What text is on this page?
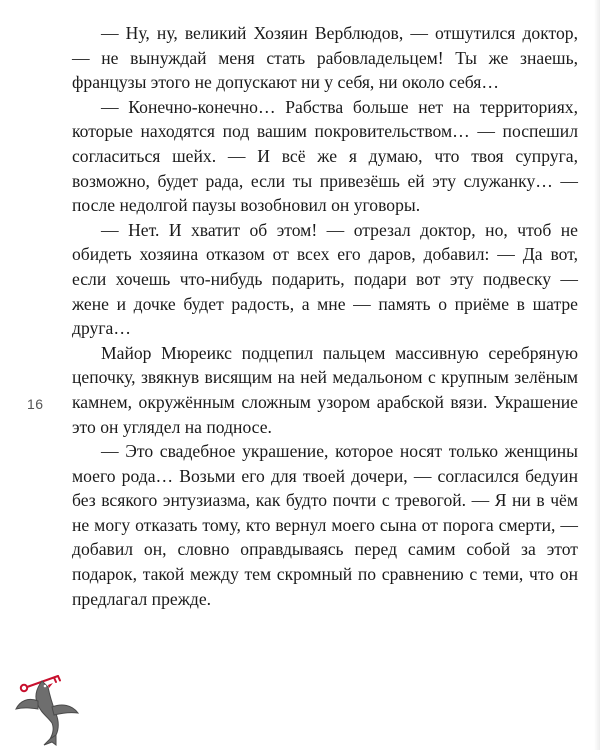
— Ну, ну, великий Хозяин Верблюдов, — отшутился доктор, — не вынуждай меня стать рабовладельцем! Ты же знаешь, французы этого не допускают ни у себя, ни около себя…

— Конечно-конечно… Рабства больше нет на территориях, которые находятся под вашим покровительством… — поспешил согласиться шейх. — И всё же я думаю, что твоя супруга, возможно, будет рада, если ты привезёшь ей эту служанку… — после недолгой паузы возобновил он уговоры.

— Нет. И хватит об этом! — отрезал доктор, но, чтоб не обидеть хозяина отказом от всех его даров, добавил: — Да вот, если хочешь что-нибудь подарить, подари вот эту подвеску — жене и дочке будет радость, а мне — память о приёме в шатре друга…

Майор Мюреикс подцепил пальцем массивную серебряную цепочку, звякнув висящим на ней медальоном с крупным зелёным камнем, окружённым сложным узором арабской вязи. Украшение это он углядел на подносе.

— Это свадебное украшение, которое носят только женщины моего рода… Возьми его для твоей дочери, — согласился бедуин без всякого энтузиазма, как будто почти с тревогой. — Я ни в чём не могу отказать тому, кто вернул моего сына от порога смерти, — добавил он, словно оправдываясь перед самим собой за этот подарок, такой между тем скромный по сравнению с теми, что он предлагал прежде.

16
